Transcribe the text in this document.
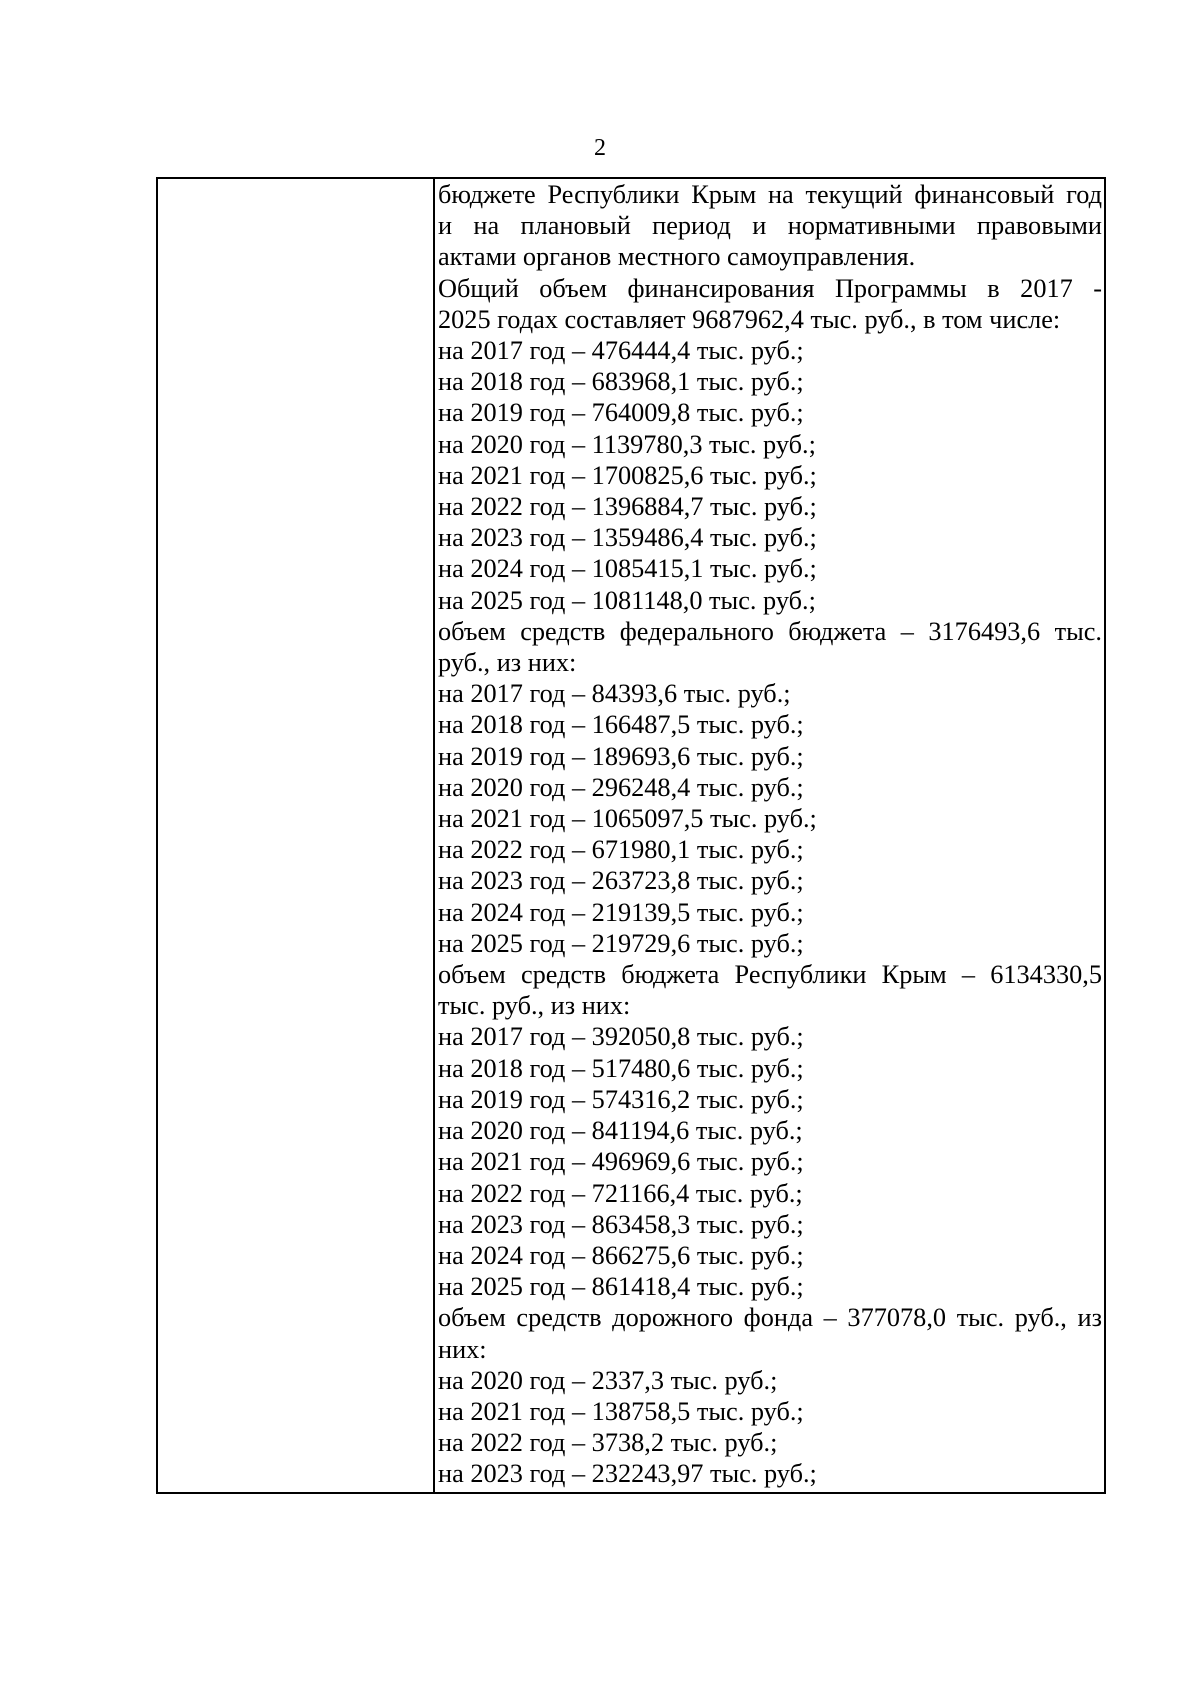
2
бюджете Республики Крым на текущий финансовый год
и на плановый период и нормативными правовыми
актами органов местного самоуправления.
Общий объем финансирования Программы в 2017 -
2025 годах составляет 9687962,4 тыс. руб., в том числе:
на 2017 год – 476444,4 тыс. руб.;
на 2018 год – 683968,1 тыс. руб.;
на 2019 год – 764009,8 тыс. руб.;
на 2020 год – 1139780,3 тыс. руб.;
на 2021 год – 1700825,6 тыс. руб.;
на 2022 год – 1396884,7 тыс. руб.;
на 2023 год – 1359486,4 тыс. руб.;
на 2024 год – 1085415,1 тыс. руб.;
на 2025 год – 1081148,0 тыс. руб.;
объем средств федерального бюджета – 3176493,6 тыс.
руб., из них:
на 2017 год – 84393,6 тыс. руб.;
на 2018 год – 166487,5 тыс. руб.;
на 2019 год – 189693,6 тыс. руб.;
на 2020 год – 296248,4 тыс. руб.;
на 2021 год – 1065097,5 тыс. руб.;
на 2022 год – 671980,1 тыс. руб.;
на 2023 год – 263723,8 тыс. руб.;
на 2024 год – 219139,5 тыс. руб.;
на 2025 год – 219729,6 тыс. руб.;
объем средств бюджета Республики Крым – 6134330,5
тыс. руб., из них:
на 2017 год – 392050,8 тыс. руб.;
на 2018 год – 517480,6 тыс. руб.;
на 2019 год – 574316,2 тыс. руб.;
на 2020 год – 841194,6 тыс. руб.;
на 2021 год – 496969,6 тыс. руб.;
на 2022 год – 721166,4 тыс. руб.;
на 2023 год – 863458,3 тыс. руб.;
на 2024 год – 866275,6 тыс. руб.;
на 2025 год – 861418,4 тыс. руб.;
объем средств дорожного фонда – 377078,0 тыс. руб., из
них:
на 2020 год – 2337,3 тыс. руб.;
на 2021 год – 138758,5 тыс. руб.;
на 2022 год – 3738,2 тыс. руб.;
на 2023 год – 232243,97 тыс. руб.;
